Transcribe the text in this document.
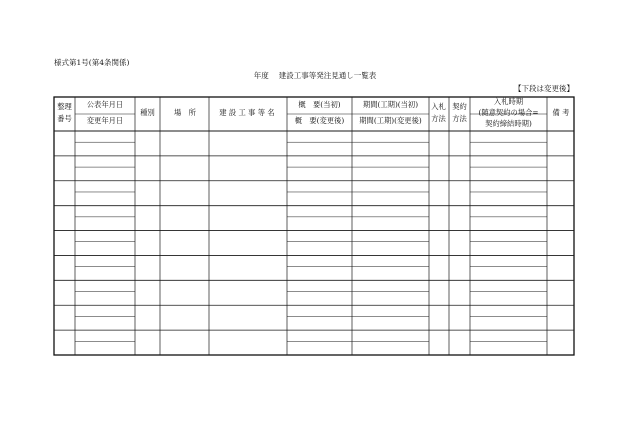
様式第1号(第4条関係)
年度 建設工事等発注見通し一覧表
【下段は変更後】
整理
番号
公表年月日
変更年月日
種別	場　所	建 設 工 事 等 名
概　要(当初)
概　要(変更後)
期間(工期)(当初)
期間(工期)(変更後)
入札
方法
契約
方法
入札時期
(随意契約の場合=
契約締結時期)
備 考
